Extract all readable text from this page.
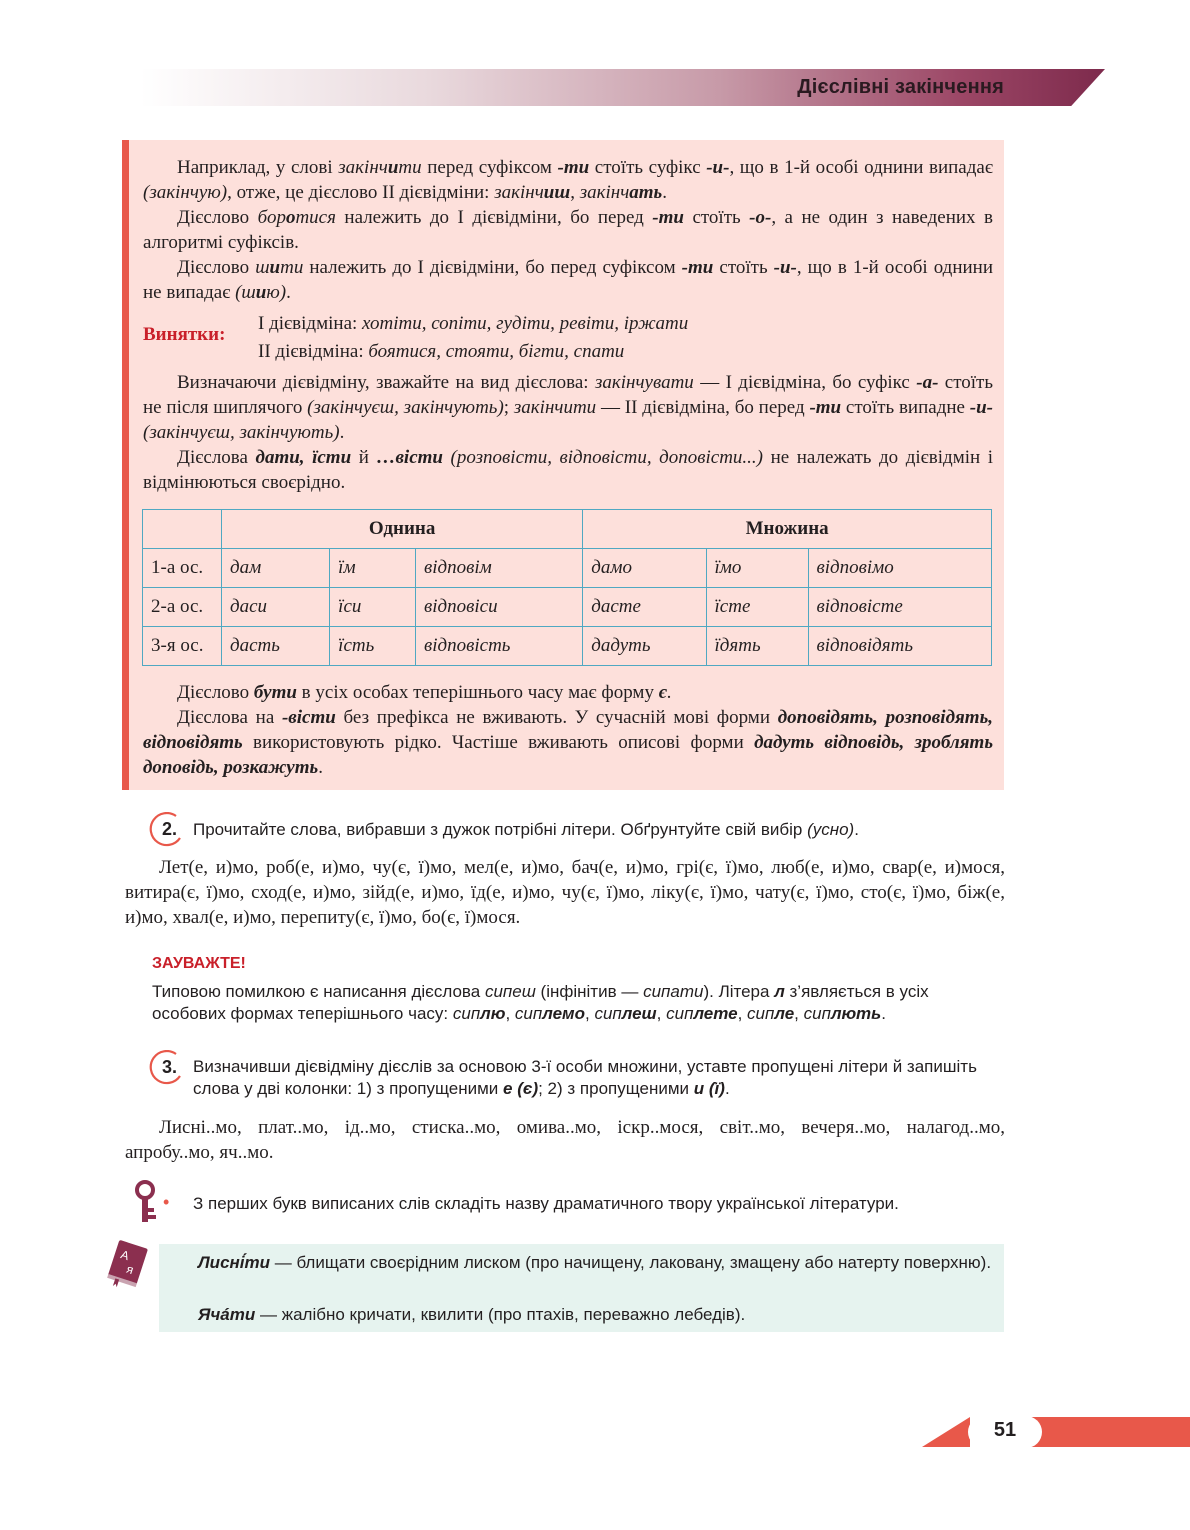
Дієслівні закінчення

Наприклад, у слові закінчити перед суфіксом -ти стоїть суфікс -и-, що в 1-й особі однини випадає (закінчую), отже, це дієслово ІІ дієвідміни: закінчиш, закінчать.

Дієслово боротися належить до І дієвідміни, бо перед -ти стоїть -о-, а не один з наведених в алгоритмі суфіксів.

Дієслово шити належить до І дієвідміни, бо перед суфіксом -ти стоїть -и-, що в 1-й особі однини не випадає (шию).

Винятки:
І дієвідміна: хотіти, сопіти, гудіти, ревіти, іржати
ІІ дієвідміна: боятися, стояти, бігти, спати

Визначаючи дієвідміну, зважайте на вид дієслова: закінчувати — І дієвідміна, бо суфікс -а- стоїть не після шиплячого (закінчуєш, закінчують); закінчити — ІІ дієвідміна, бо перед -ти стоїть випадне -и- (закінчуєш, закінчують).

Дієслова дати, їсти й …вісти (розповісти, відповісти, доповісти...) не належать до дієвідмін і відмінюються своєрідно.

	Однина			Множина		
1-а ос.	дам	їм	відповім	дамо	їмо	відповімо
2-а ос.	даси	їси	відповіси	дасте	їсте	відповісте
3-я ос.	дасть	їсть	відповість	дадуть	їдять	відповідять

Дієслово бути в усіх особах теперішнього часу має форму є.

Дієслова на -вісти без префікса не вживають. У сучасній мові форми доповідять, розповідять, відповідять використовують рідко. Частіше вживають описові форми дадуть відповідь, зроблять доповідь, розкажуть.

2. Прочитайте слова, вибравши з дужок потрібні літери. Обґрунтуйте свій вибір (усно).
Лет(е, и)мо, роб(е, и)мо, чу(є, ї)мо, мел(е, и)мо, бач(е, и)мо, грі(є, ї)мо, люб(е, и)мо, свар(е, и)мося, витира(є, ї)мо, сход(е, и)мо, зійд(е, и)мо, їд(е, и)мо, чу(є, ї)мо, ліку(є, ї)мо, чату(є, ї)мо, сто(є, ї)мо, біж(е, и)мо, хвал(е, и)мо, перепиту(є, ї)мо, бо(є, ї)мося.
ЗАУВАЖТЕ!
Типовою помилкою є написання дієслова сипеш (інфінітив — сипати). Літера л з’являється в усіх особових формах теперішнього часу: сиплю, сиплемо, сиплеш, сиплете, сипле, сиплють.
3. Визначивши дієвідміну дієслів за основою 3-ї особи множини, уставте пропущені літери й запишіть слова у дві колонки: 1) з пропущеними е (є); 2) з пропущеними и (ї).
Лисні..мо, плат..мо, ід..мо, стиска..мо, омива..мо, іскр..мося, світ..мо, вечеря..мо, налагод..мо, апробу..мо, яч..мо.
• З перших букв виписаних слів складіть назву драматичного твору української літератури.
А
я	Лисні́ти — блищати своєрідним лиском (про начищену, лаковану, змащену або натерту поверхню).
Ячáти — жалібно кричати, квилити (про птахів, переважно лебедів).
51
